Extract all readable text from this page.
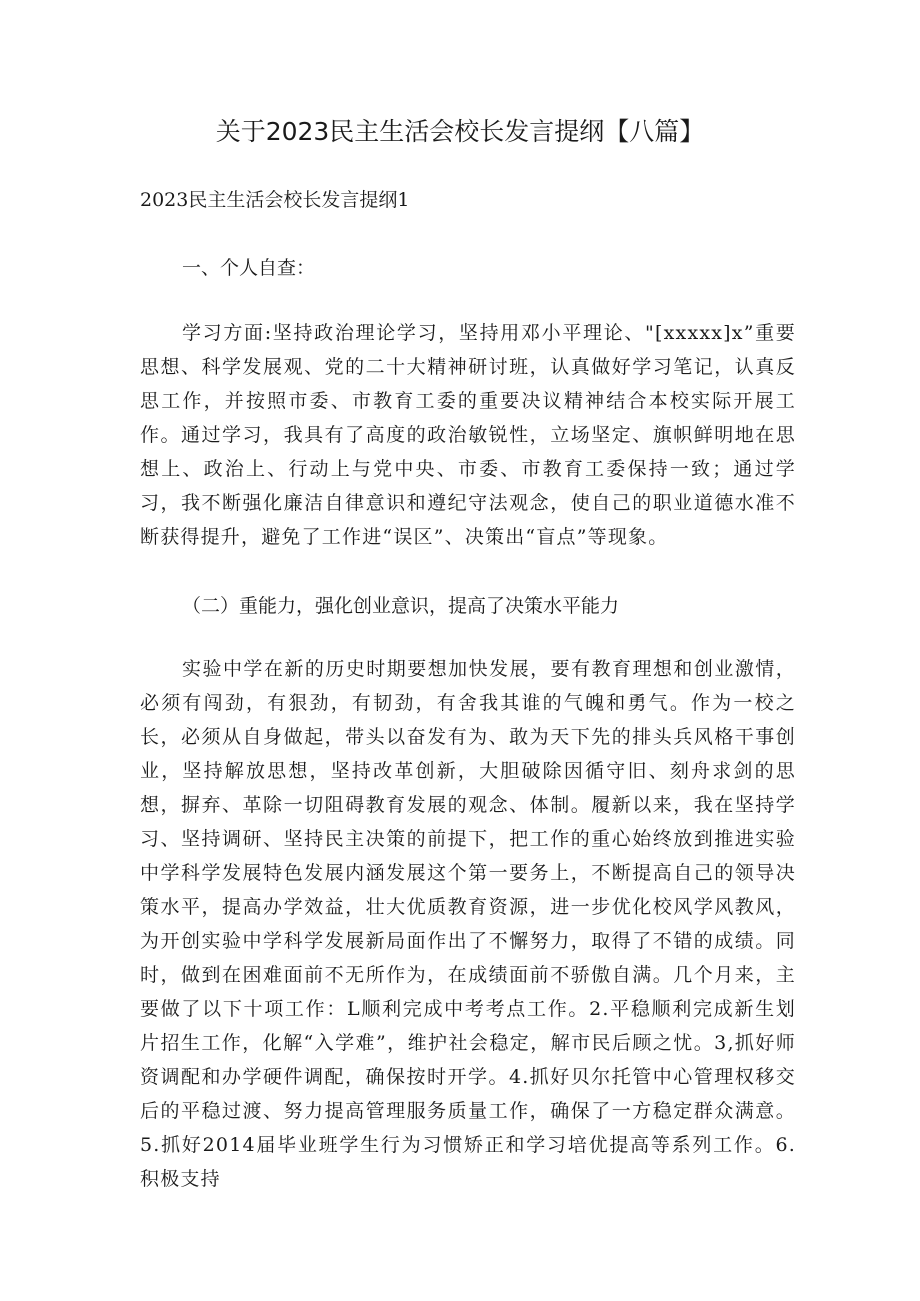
关于2023民主生活会校长发言提纲【八篇】

2023民主生活会校长发言提纲1

一、个人自查：

学习方面:坚持政治理论学习，坚持用邓小平理论、"[xxxxx]x”重要思想、科学发展观、党的二十大精神研讨班，认真做好学习笔记，认真反思工作，并按照市委、市教育工委的重要决议精神结合本校实际开展工作。通过学习，我具有了高度的政治敏锐性，立场坚定、旗帜鲜明地在思想上、政治上、行动上与党中央、市委、市教育工委保持一致；通过学习，我不断强化廉洁自律意识和遵纪守法观念，使自己的职业道德水准不断获得提升，避免了工作进“误区”、决策出“盲点”等现象。

（二）重能力，强化创业意识，提高了决策水平能力

实验中学在新的历史时期要想加快发展，要有教育理想和创业激情，必须有闯劲，有狠劲，有韧劲，有舍我其谁的气魄和勇气。作为一校之长，必须从自身做起，带头以奋发有为、敢为天下先的排头兵风格干事创业，坚持解放思想，坚持改革创新，大胆破除因循守旧、刻舟求剑的思想，摒弃、革除一切阻碍教育发展的观念、体制。履新以来，我在坚持学习、坚持调研、坚持民主决策的前提下，把工作的重心始终放到推进实验中学科学发展特色发展内涵发展这个第一要务上，不断提高自己的领导决策水平，提高办学效益，壮大优质教育资源，进一步优化校风学风教风，为开创实验中学科学发展新局面作出了不懈努力，取得了不错的成绩。同时，做到在困难面前不无所作为，在成绩面前不骄傲自满。几个月来，主要做了以下十项工作：L顺利完成中考考点工作。2.平稳顺利完成新生划片招生工作，化解“入学难”，维护社会稳定，解市民后顾之忧。3,抓好师资调配和办学硬件调配，确保按时开学。4.抓好贝尔托管中心管理权移交后的平稳过渡、努力提高管理服务质量工作，确保了一方稳定群众满意。5.抓好2014届毕业班学生行为习惯矫正和学习培优提高等系列工作。6.积极支持
